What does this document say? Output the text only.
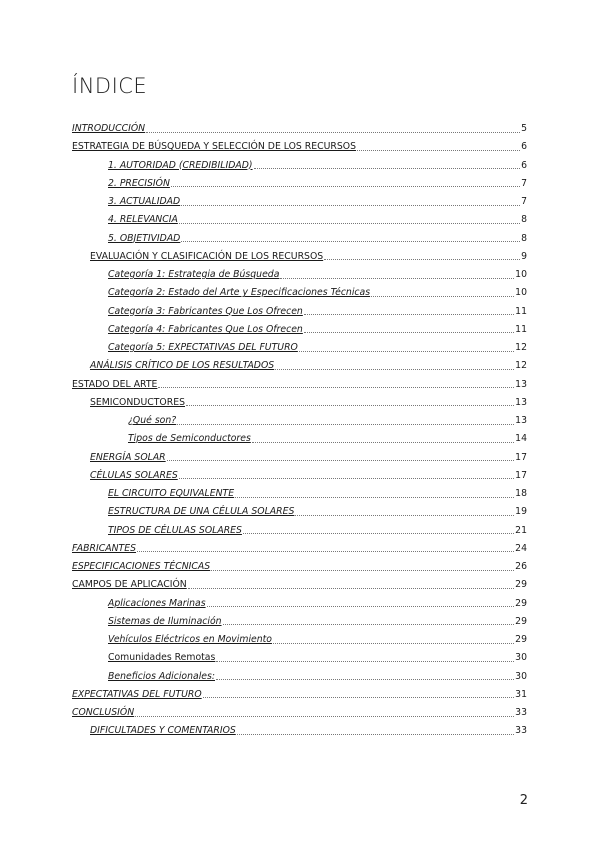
ÍNDICE
INTRODUCCIÓN	5
ESTRATEGIA DE BÚSQUEDA Y SELECCIÓN DE LOS RECURSOS	6
1. AUTORIDAD (CREDIBILIDAD)	6
2. PRECISIÓN	7
3. ACTUALIDAD	7
4. RELEVANCIA	8
5. OBJETIVIDAD	8
EVALUACIÓN Y CLASIFICACIÓN DE LOS RECURSOS	9
Categoría 1: Estrategia de Búsqueda	10
Categoría 2: Estado del Arte y Especificaciones Técnicas	10
Categoría 3: Fabricantes Que Los Ofrecen	11
Categoría 4: Fabricantes Que Los Ofrecen	11
Categoría 5: EXPECTATIVAS DEL FUTURO	12
ANÁLISIS CRÍTICO DE LOS RESULTADOS	12
ESTADO DEL ARTE	13
SEMICONDUCTORES	13
¿Qué son?	13
Tipos de Semiconductores	14
ENERGÍA SOLAR	17
CÉLULAS SOLARES	17
EL CIRCUITO EQUIVALENTE	18
ESTRUCTURA DE UNA CÉLULA SOLARES	19
TIPOS DE CÉLULAS SOLARES	21
FABRICANTES	24
ESPECIFICACIONES TÉCNICAS	26
CAMPOS DE APLICACIÓN	29
Aplicaciones Marinas	29
Sistemas de Iluminación	29
Vehículos Eléctricos en Movimiento	29
Comunidades Remotas	30
Beneficios Adicionales:	30
EXPECTATIVAS DEL FUTURO	31
CONCLUSIÓN	33
DIFICULTADES Y COMENTARIOS	33
2
